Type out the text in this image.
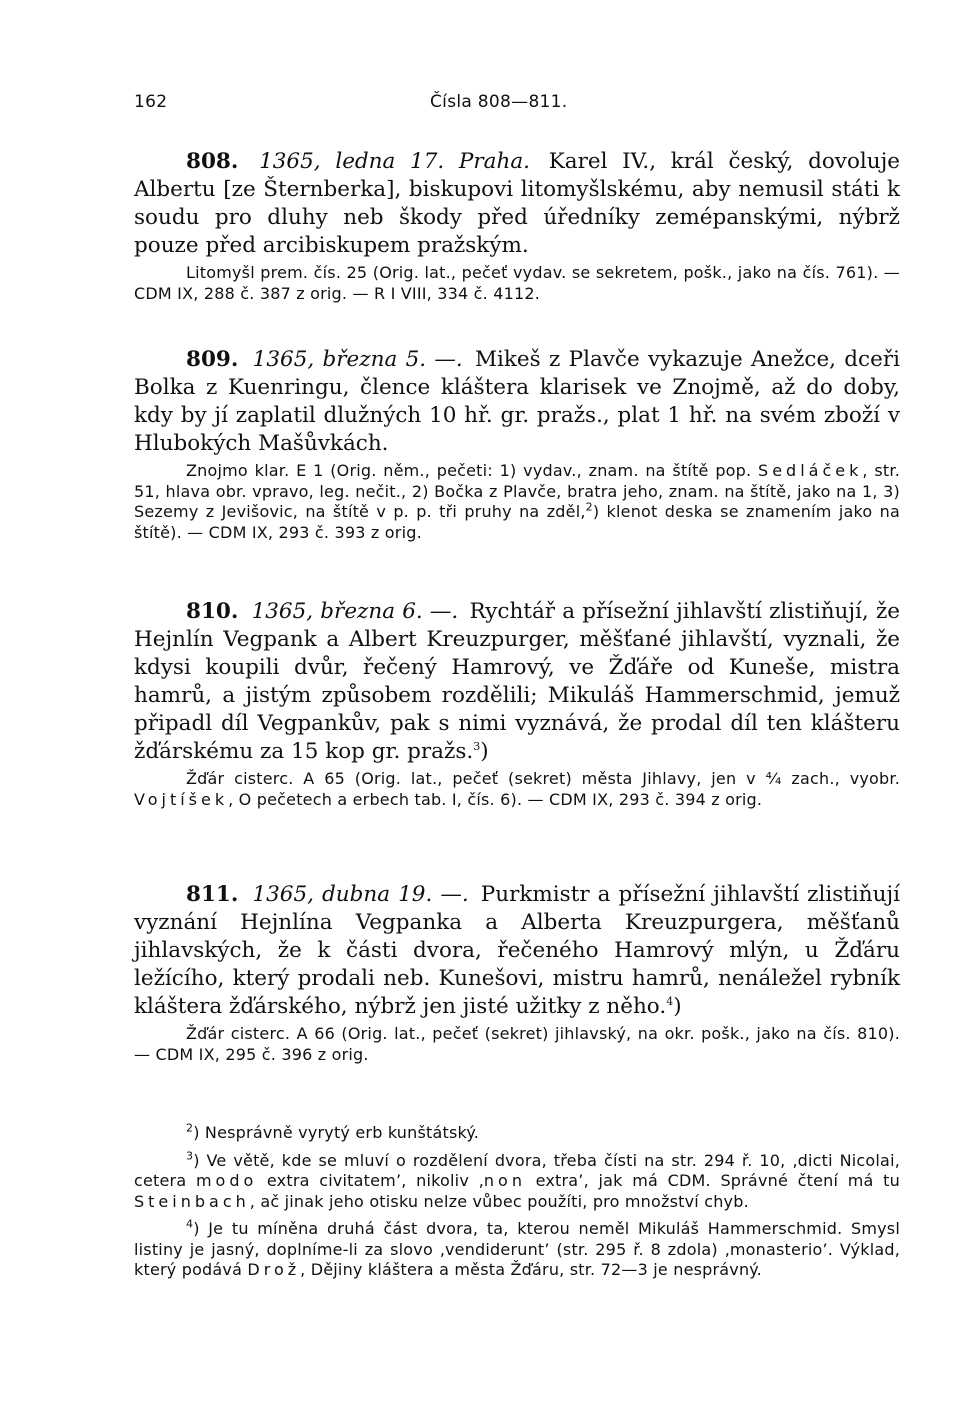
162	Čísla 808—811.

808. 1365, ledna 17. Praha. Karel IV., král český, dovoluje Albertu [ze Šternberka], biskupovi litomyšlskému, aby nemusil státi k soudu pro dluhy neb škody před úředníky zemépanskými, nýbrž pouze před arcibiskupem pražským.

Litomyšl prem. čís. 25 (Orig. lat., pečeť vydav. se sekretem, pošk., jako na čís. 761). — CDM IX, 288 č. 387 z orig. — R I VIII, 334 č. 4112.

809. 1365, března 5. —. Mikeš z Plavče vykazuje Anežce, dceři Bolka z Kuenringu, člence kláštera klarisek ve Znojmě, až do doby, kdy by jí zaplatil dlužných 10 hř. gr. pražs., plat 1 hř. na svém zboží v Hlubokých Mašůvkách.

Znojmo klar. E 1 (Orig. něm., pečeti: 1) vydav., znam. na štítě pop. Sedláček, str. 51, hlava obr. vpravo, leg. nečit., 2) Bočka z Plavče, bratra jeho, znam. na štítě, jako na 1, 3) Sezemy z Jevišovic, na štítě v p. p. tři pruhy na zděl,$^2$) klenot deska se znamením jako na štítě). — CDM IX, 293 č. 393 z orig.

810. 1365, března 6. —. Rychtář a přísežní jihlavští zlistiňují, že Hejnlín Vegpank a Albert Kreuzpurger, měšťané jihlavští, vyznali, že kdysi koupili dvůr, řečený Hamrový, ve Žďáře od Kuneše, mistra hamrů, a jistým způsobem rozdělili; Mikuláš Hammerschmid, jemuž připadl díl Vegpankův, pak s nimi vyznává, že prodal díl ten klášteru žďárskému za 15 kop gr. pražs.$^3$)

Žďár cisterc. A 65 (Orig. lat., pečeť (sekret) města Jihlavy, jen v ⁴⁄₄ zach., vyobr. Vojtíšek, O pečetech a erbech tab. I, čís. 6). — CDM IX, 293 č. 394 z orig.

811. 1365, dubna 19. —. Purkmistr a přísežní jihlavští zlistiňují vyznání Hejnlína Vegpanka a Alberta Kreuzpurgera, měšťanů jihlavských, že k části dvora, řečeného Hamrový mlýn, u Žďáru ležícího, který prodali neb. Kunešovi, mistru hamrů, nenáležel rybník kláštera žďárského, nýbrž jen jisté užitky z něho.$^4$)

Žďár cisterc. A 66 (Orig. lat., pečeť (sekret) jihlavský, na okr. pošk., jako na čís. 810). — CDM IX, 295 č. 396 z orig.

$^2$) Nesprávně vyrytý erb kunštátský.

$^3$) Ve větě, kde se mluví o rozdělení dvora, třeba čísti na str. 294 ř. 10, ‚dicti Nicolai, cetera modo extra civitatem’, nikoliv ‚non extra’, jak má CDM. Správné čtení má tu Steinbach, ač jinak jeho otisku nelze vůbec použíti, pro množství chyb.

$^4$) Je tu míněna druhá část dvora, ta, kterou neměl Mikuláš Hammerschmid. Smysl listiny je jasný, doplníme-li za slovo ‚vendiderunt’ (str. 295 ř. 8 zdola) ‚monasterio’. Výklad, který podává Drož, Dějiny kláštera a města Žďáru, str. 72—3 je nesprávný.
